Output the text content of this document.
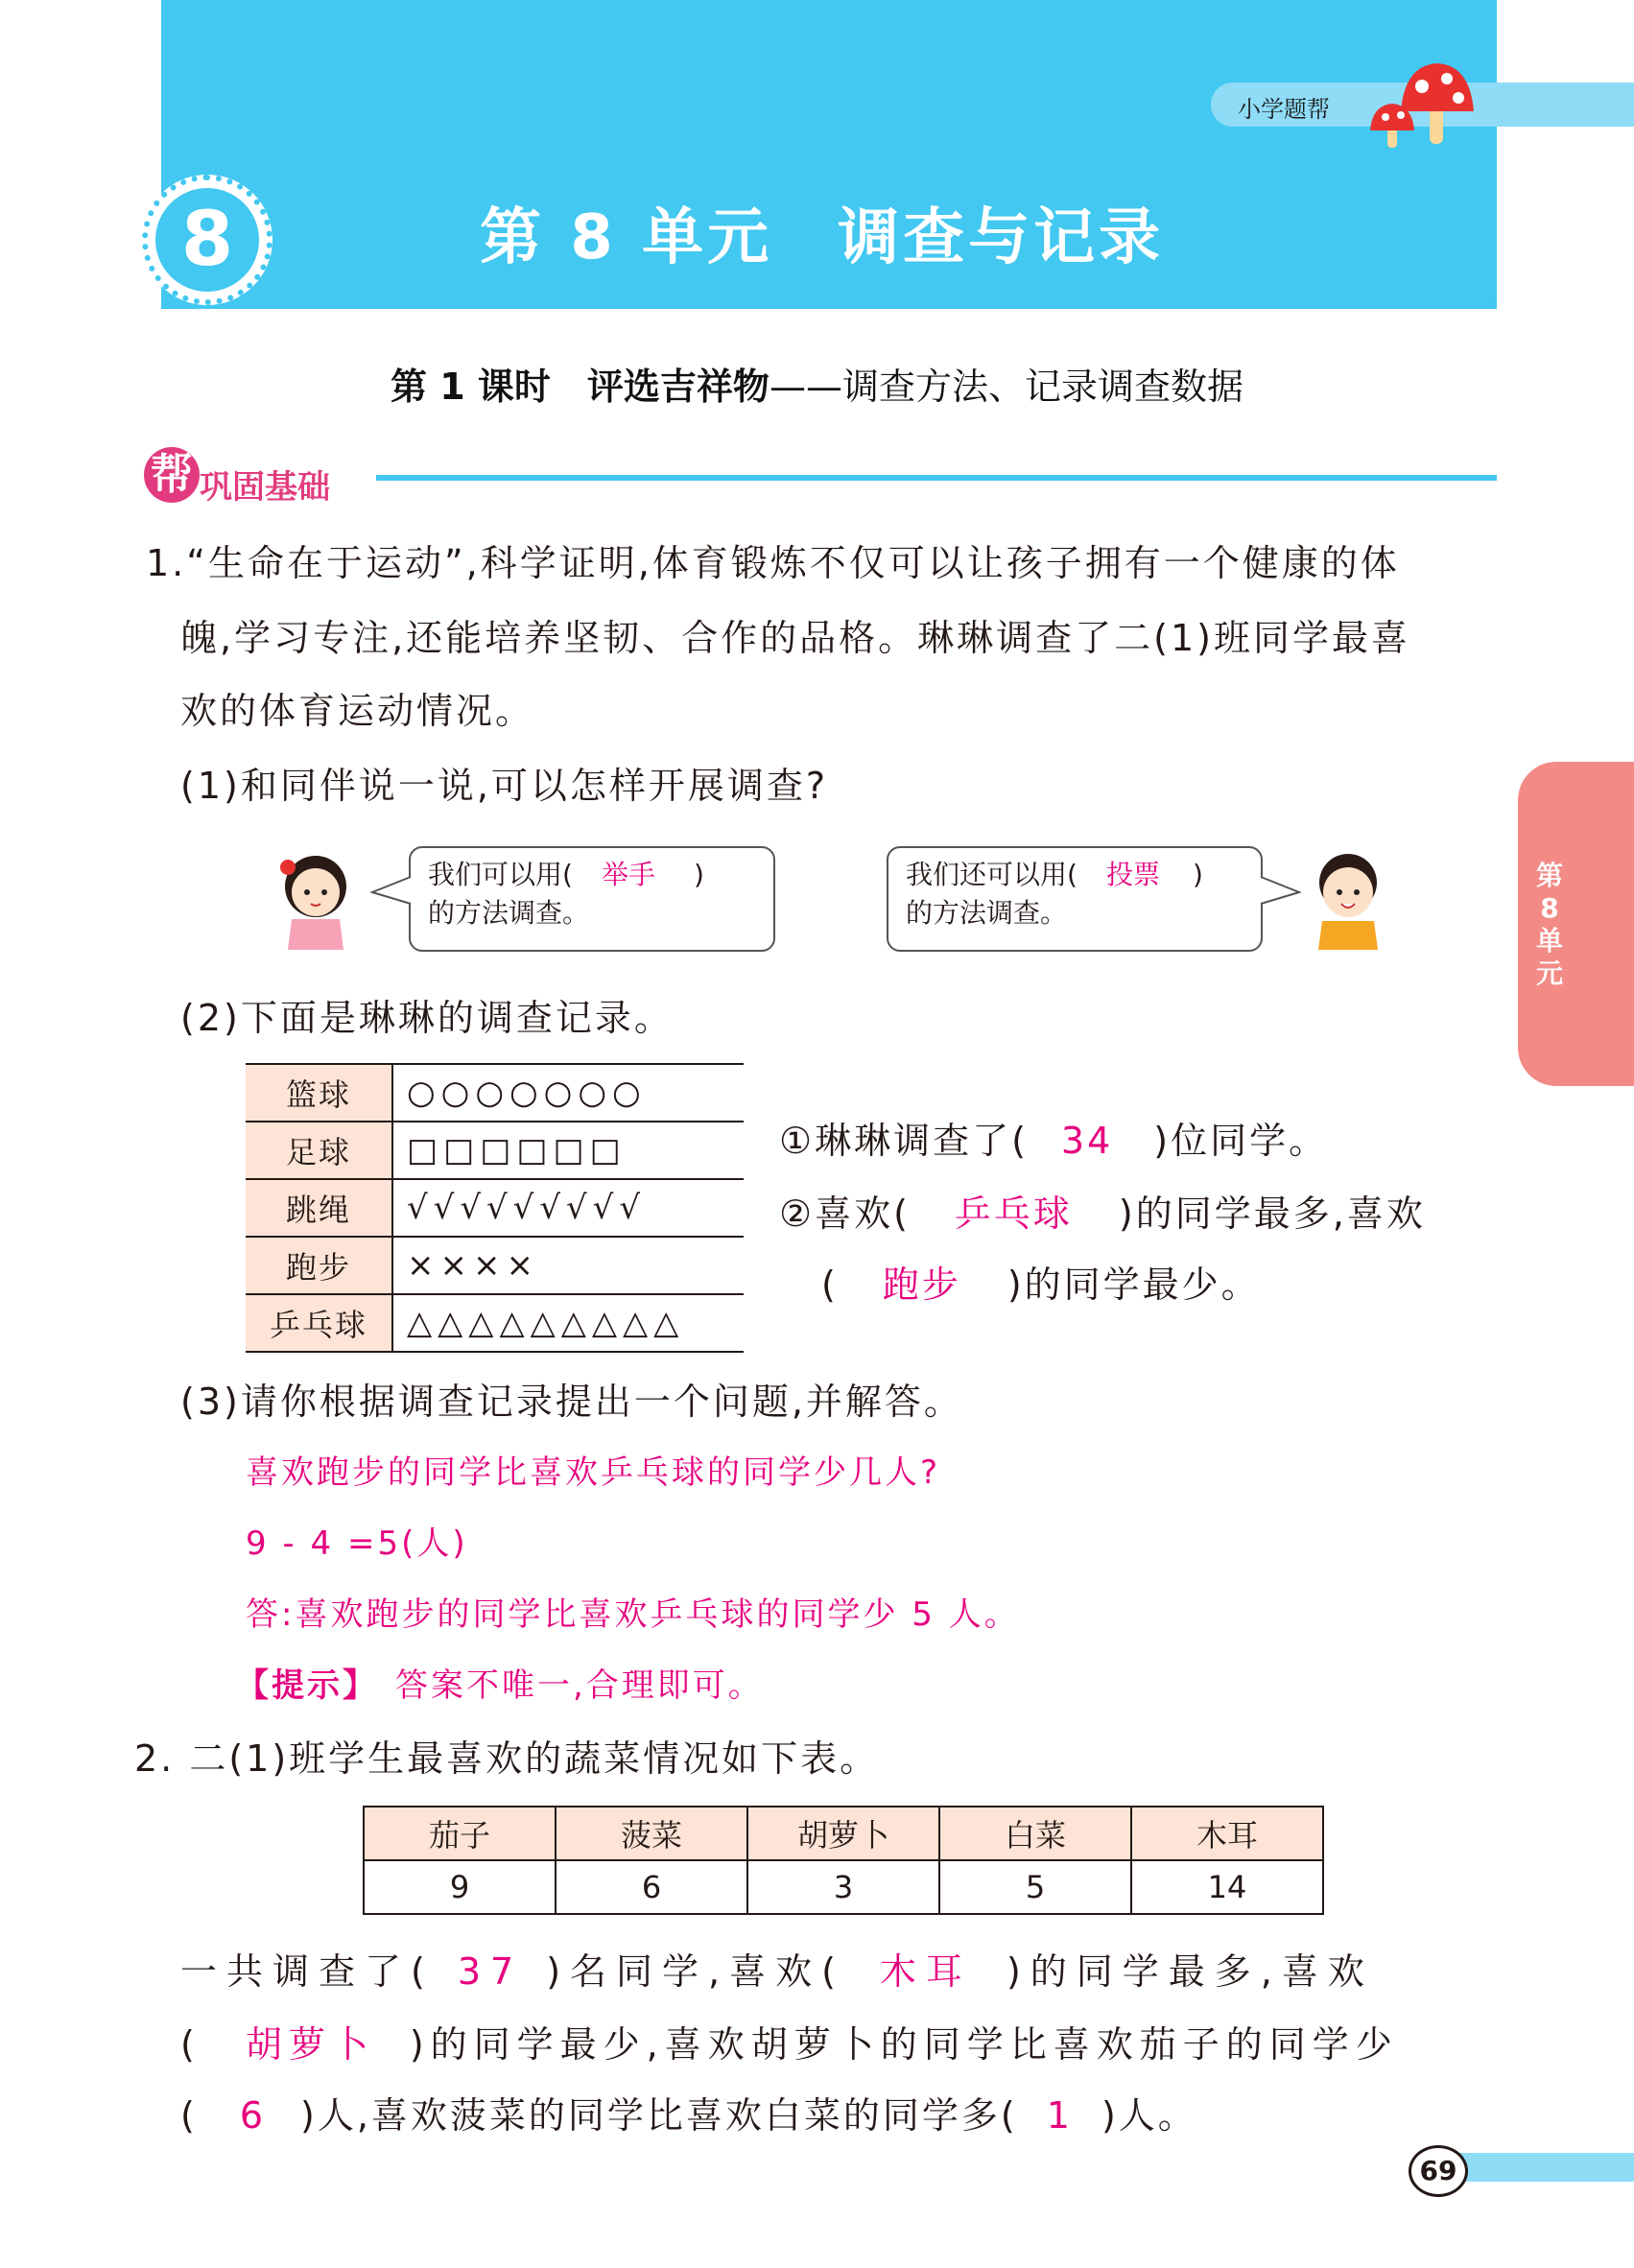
小学题帮
8	第 8 单元　调查与记录
第 1 课时　评选吉祥物——调查方法、记录调查数据
帮 巩固基础
第8单元
1.“生命在于运动”,科学证明,体育锻炼不仅可以让孩子拥有一个健康的体
魄,学习专注,还能培养坚韧、合作的品格。琳琳调查了二(1)班同学最喜
欢的体育运动情况。
(1)和同伴说一说,可以怎样开展调查?
我们可以用( 举手 )
的方法调查。
我们还可以用( 投票 )
的方法调查。
(2)下面是琳琳的调查记录。
篮球	○○○○○○○
足球	□□□□□□
跳绳	√√√√√√√√√
跑步	××××
乒乓球	△△△△△△△△△
①琳琳调查了( 34 )位同学。
②喜欢( 乒乓球 )的同学最多,喜欢
( 跑步 )的同学最少。
(3)请你根据调查记录提出一个问题,并解答。
喜欢跑步的同学比喜欢乒乓球的同学少几人?
9 - 4 =5(人)
答:喜欢跑步的同学比喜欢乒乓球的同学少 5 人。
【提示】 答案不唯一,合理即可。
2. 二(1)班学生最喜欢的蔬菜情况如下表。
茄子	菠菜	胡萝卜	白菜	木耳
9	6	3	5	14
一共调查了( 37 )名同学,喜欢( 木耳 )的同学最多,喜欢
( 胡萝卜 )的同学最少,喜欢胡萝卜的同学比喜欢茄子的同学少
( 6 )人,喜欢菠菜的同学比喜欢白菜的同学多( 1 )人。
69
